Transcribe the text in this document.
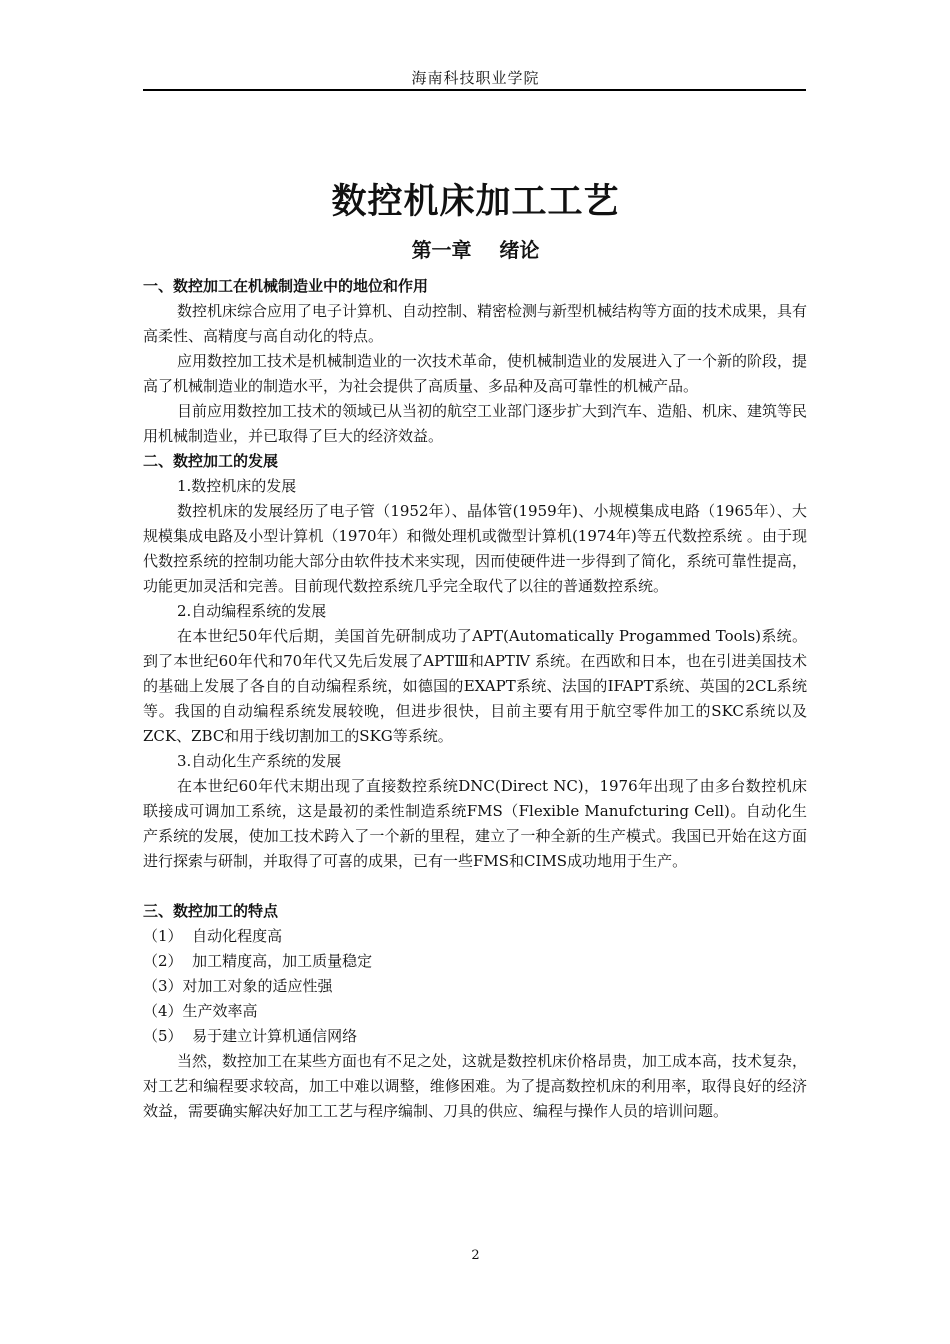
海南科技职业学院
数控机床加工工艺
第一章    绪论

一、数控加工在机械制造业中的地位和作用

数控机床综合应用了电子计算机、自动控制、精密检测与新型机械结构等方面的技术成果，具有高柔性、高精度与高自动化的特点。

应用数控加工技术是机械制造业的一次技术革命，使机械制造业的发展进入了一个新的阶段，提高了机械制造业的制造水平，为社会提供了高质量、多品种及高可靠性的机械产品。

目前应用数控加工技术的领域已从当初的航空工业部门逐步扩大到汽车、造船、机床、建筑等民用机械制造业，并已取得了巨大的经济效益。

二、数控加工的发展

1.数控机床的发展

数控机床的发展经历了电子管（1952年）、晶体管(1959年)、小规模集成电路（1965年）、大规模集成电路及小型计算机（1970年）和微处理机或微型计算机(1974年)等五代数控系统 。由于现代数控系统的控制功能大部分由软件技术来实现，因而使硬件进一步得到了简化，系统可靠性提高，功能更加灵活和完善。目前现代数控系统几乎完全取代了以往的普通数控系统。

2.自动编程系统的发展

在本世纪50年代后期，美国首先研制成功了APT(Automatically Progammed Tools)系统。到了本世纪60年代和70年代又先后发展了APTⅢ和APTⅣ 系统。在西欧和日本，也在引进美国技术的基础上发展了各自的自动编程系统，如德国的EXAPT系统、法国的IFAPT系统、英国的2CL系统等。我国的自动编程系统发展较晚，但进步很快，目前主要有用于航空零件加工的SKC系统以及ZCK、ZBC和用于线切割加工的SKG等系统。

3.自动化生产系统的发展

在本世纪60年代末期出现了直接数控系统DNC(Direct NC)，1976年出现了由多台数控机床联接成可调加工系统，这是最初的柔性制造系统FMS（Flexible Manufcturing Cell)。自动化生产系统的发展，使加工技术跨入了一个新的里程，建立了一种全新的生产模式。我国已开始在这方面进行探索与研制，并取得了可喜的成果，已有一些FMS和CIMS成功地用于生产。

三、数控加工的特点

（1）  自动化程度高

（2）  加工精度高，加工质量稳定

（3）对加工对象的适应性强

（4）生产效率高

（5）  易于建立计算机通信网络

当然，数控加工在某些方面也有不足之处，这就是数控机床价格昂贵，加工成本高，技术复杂，对工艺和编程要求较高，加工中难以调整，维修困难。为了提高数控机床的利用率，取得良好的经济效益，需要确实解决好加工工艺与程序编制、刀具的供应、编程与操作人员的培训问题。

2
